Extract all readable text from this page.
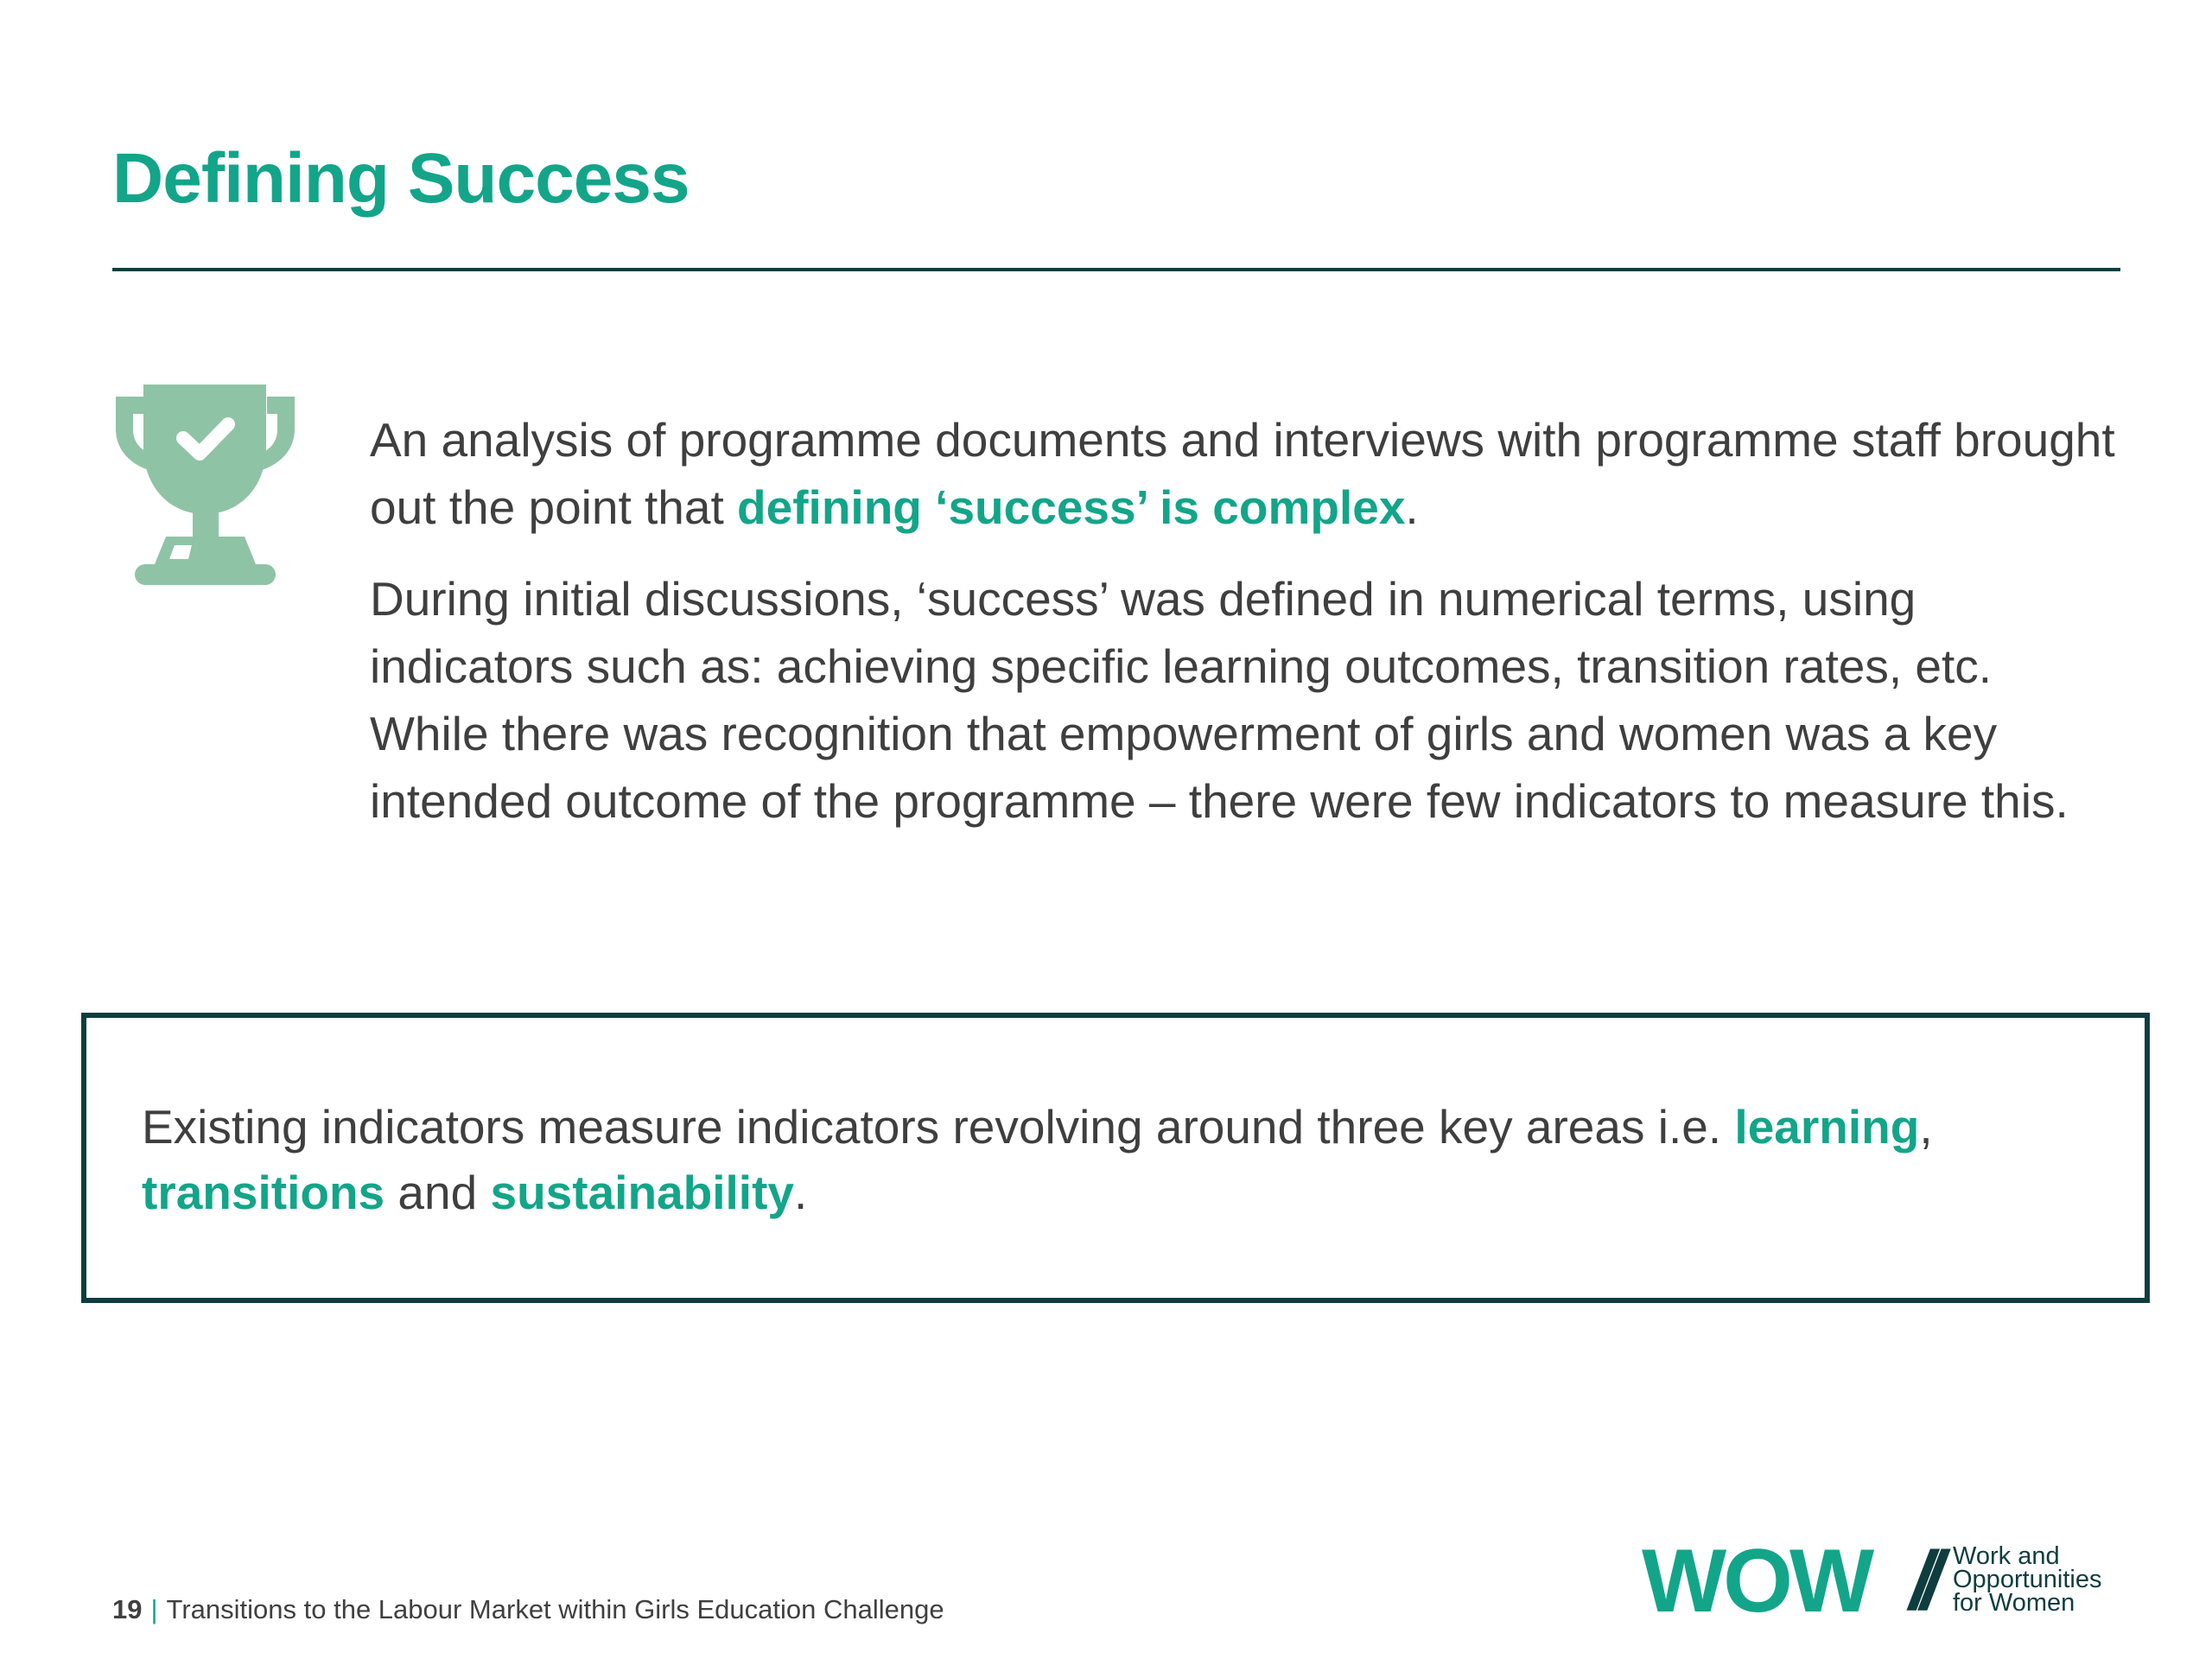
Defining Success

An analysis of programme documents and interviews with programme staff brought out the point that defining ‘success’ is complex.

During initial discussions, ‘success’ was defined in numerical terms, using indicators such as: achieving specific learning outcomes, transition rates, etc. While there was recognition that empowerment of girls and women was a key intended outcome of the programme – there were few indicators to measure this.

Existing indicators measure indicators revolving around three key areas i.e. learning, transitions and sustainability.
19 | Transitions to the Labour Market within Girls Education Challenge	WOW // Work and
Opportunities
for Women
